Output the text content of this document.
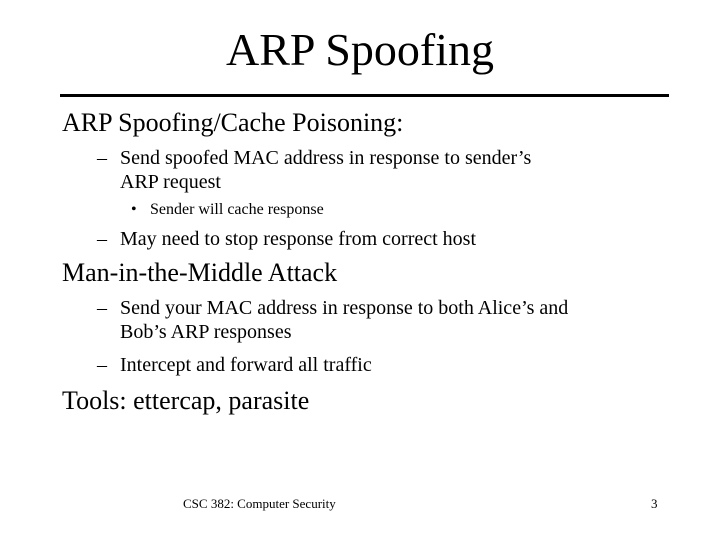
ARP Spoofing
ARP Spoofing/Cache Poisoning:
– Send spoofed MAC address in response to sender’s
ARP request
• Sender will cache response
– May need to stop response from correct host
Man-in-the-Middle Attack
– Send your MAC address in response to both Alice’s and
Bob’s ARP responses
– Intercept and forward all traffic
Tools: ettercap, parasite
CSC 382: Computer Security	3
